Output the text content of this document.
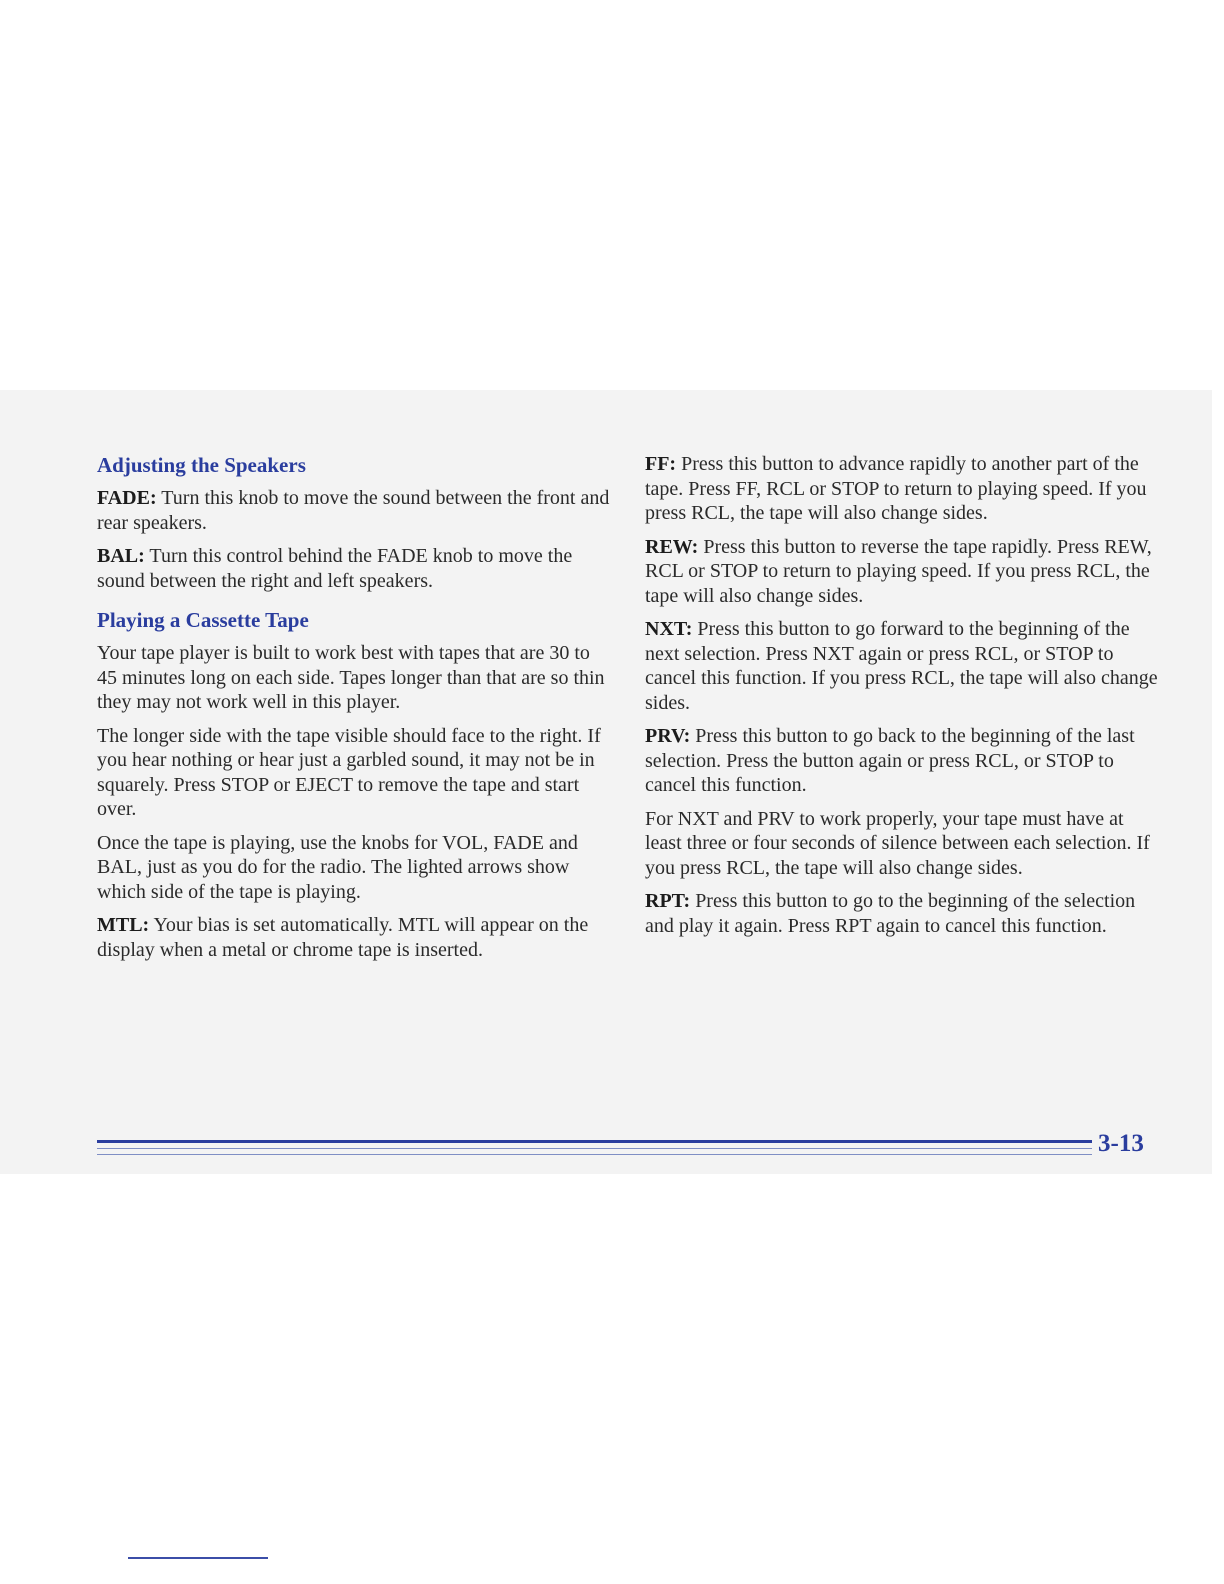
Adjusting the Speakers

FADE: Turn this knob to move the sound between the front and rear speakers.

BAL: Turn this control behind the FADE knob to move the sound between the right and left speakers.

Playing a Cassette Tape

Your tape player is built to work best with tapes that are 30 to 45 minutes long on each side. Tapes longer than that are so thin they may not work well in this player.

The longer side with the tape visible should face to the right. If you hear nothing or hear just a garbled sound, it may not be in squarely. Press STOP or EJECT to remove the tape and start over.

Once the tape is playing, use the knobs for VOL, FADE and BAL, just as you do for the radio. The lighted arrows show which side of the tape is playing.

MTL: Your bias is set automatically. MTL will appear on the display when a metal or chrome tape is inserted.

FF: Press this button to advance rapidly to another part of the tape. Press FF, RCL or STOP to return to playing speed. If you press RCL, the tape will also change sides.

REW: Press this button to reverse the tape rapidly. Press REW, RCL or STOP to return to playing speed. If you press RCL, the tape will also change sides.

NXT: Press this button to go forward to the beginning of the next selection. Press NXT again or press RCL, or STOP to cancel this function. If you press RCL, the tape will also change sides.

PRV: Press this button to go back to the beginning of the last selection. Press the button again or press RCL, or STOP to cancel this function.

For NXT and PRV to work properly, your tape must have at least three or four seconds of silence between each selection. If you press RCL, the tape will also change sides.

RPT: Press this button to go to the beginning of the selection and play it again. Press RPT again to cancel this function.

3-13
